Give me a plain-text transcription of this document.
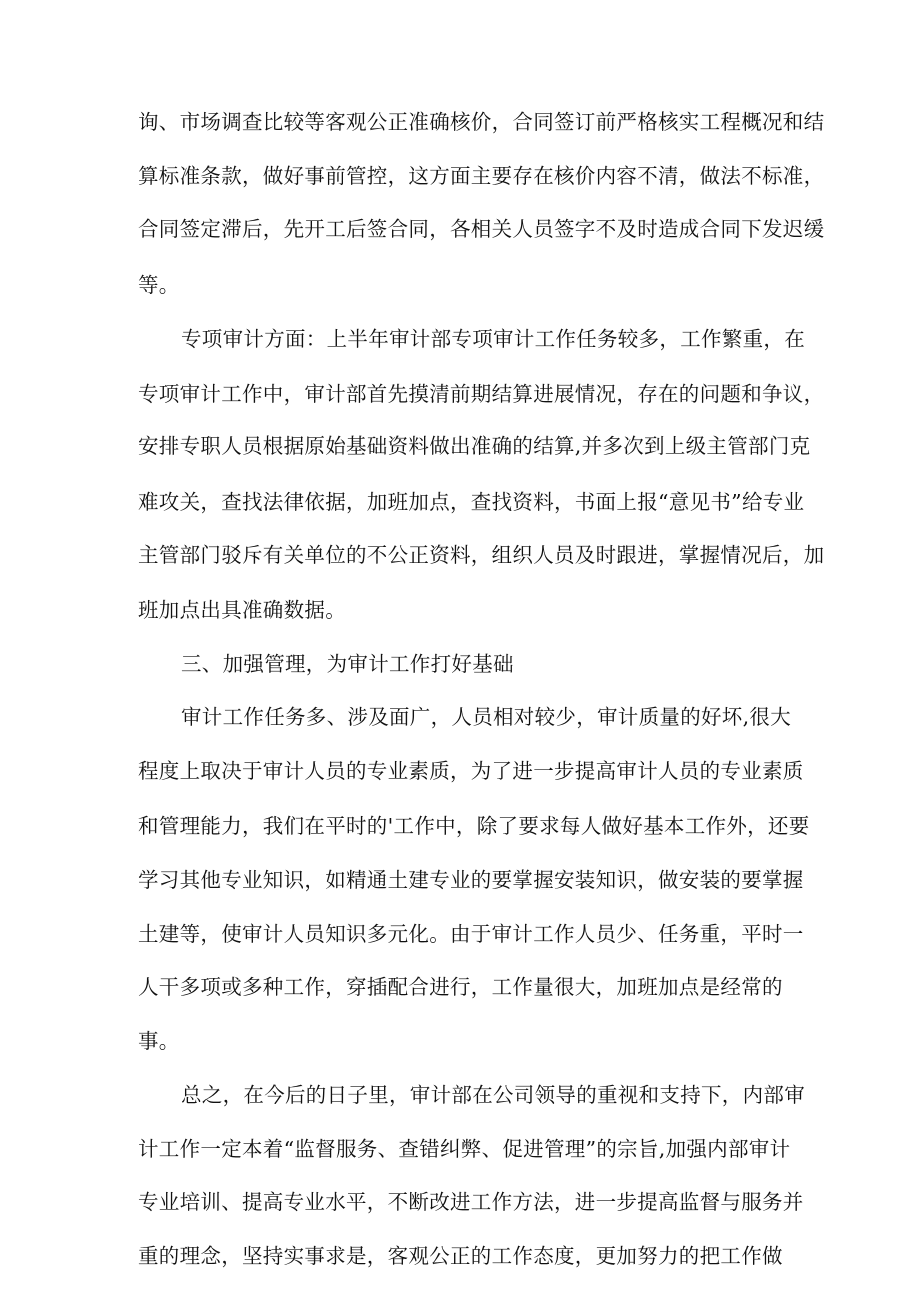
询、市场调查比较等客观公正准确核价，合同签订前严格核实工程概况和结
算标准条款，做好事前管控，这方面主要存在核价内容不清，做法不标准，
合同签定滞后，先开工后签合同，各相关人员签字不及时造成合同下发迟缓
等。
专项审计方面：上半年审计部专项审计工作任务较多，工作繁重，在
专项审计工作中，审计部首先摸清前期结算进展情况，存在的问题和争议，
安排专职人员根据原始基础资料做出准确的结算,并多次到上级主管部门克
难攻关，查找法律依据，加班加点，查找资料，书面上报“意见书”给专业
主管部门驳斥有关单位的不公正资料，组织人员及时跟进，掌握情况后，加
班加点出具准确数据。
三、加强管理，为审计工作打好基础
审计工作任务多、涉及面广，人员相对较少，审计质量的好坏,很大
程度上取决于审计人员的专业素质，为了进一步提高审计人员的专业素质
和管理能力，我们在平时的'工作中，除了要求每人做好基本工作外，还要
学习其他专业知识，如精通土建专业的要掌握安装知识，做安装的要掌握
土建等，使审计人员知识多元化。由于审计工作人员少、任务重，平时一
人干多项或多种工作，穿插配合进行，工作量很大，加班加点是经常的
事。
总之，在今后的日子里，审计部在公司领导的重视和支持下，内部审
计工作一定本着“监督服务、查错纠弊、促进管理”的宗旨,加强内部审计
专业培训、提高专业水平，不断改进工作方法，进一步提高监督与服务并
重的理念，坚持实事求是，客观公正的工作态度，更加努力的把工作做
